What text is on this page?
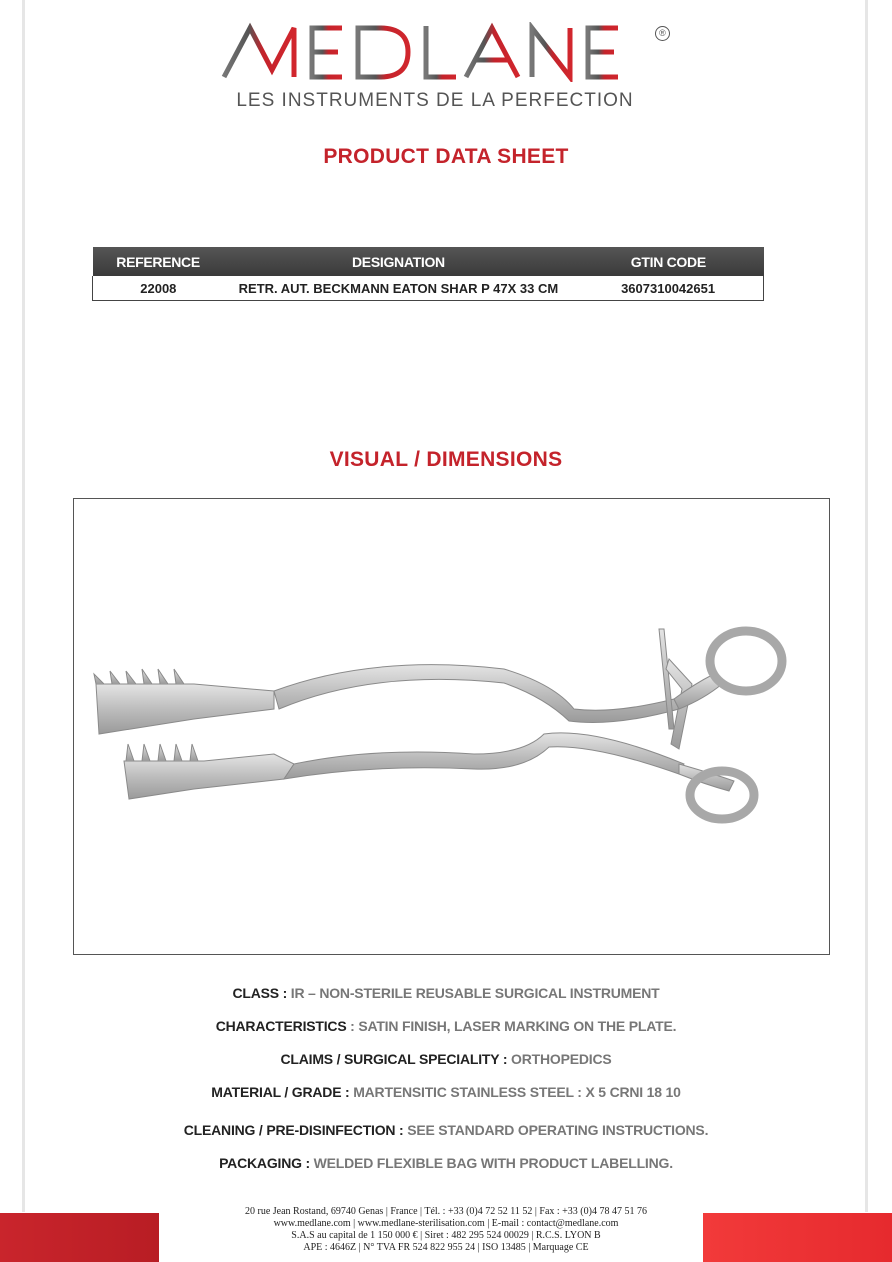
®
LES INSTRUMENTS DE LA PERFECTION
PRODUCT DATA SHEET
REFERENCE	DESIGNATION	GTIN CODE
22008	RETR. AUT. BECKMANN EATON SHAR P 47X 33 CM	3607310042651
VISUAL / DIMENSIONS
CLASS : IR – NON-STERILE REUSABLE SURGICAL INSTRUMENT
CHARACTERISTICS : SATIN FINISH, LASER MARKING ON THE PLATE.
CLAIMS / SURGICAL SPECIALITY : ORTHOPEDICS
MATERIAL / GRADE : MARTENSITIC STAINLESS STEEL : X 5 CRNI 18 10
CLEANING / PRE-DISINFECTION : SEE STANDARD OPERATING INSTRUCTIONS.
PACKAGING : WELDED FLEXIBLE BAG WITH PRODUCT LABELLING.
20 rue Jean Rostand, 69740 Genas | France | Tél. : +33 (0)4 72 52 11 52 | Fax : +33 (0)4 78 47 51 76
www.medlane.com | www.medlane-sterilisation.com | E-mail : contact@medlane.com
S.A.S au capital de 1 150 000 € | Siret : 482 295 524 00029 | R.C.S. LYON B
APE : 4646Z | N° TVA FR 524 822 955 24 | ISO 13485 | Marquage CE
